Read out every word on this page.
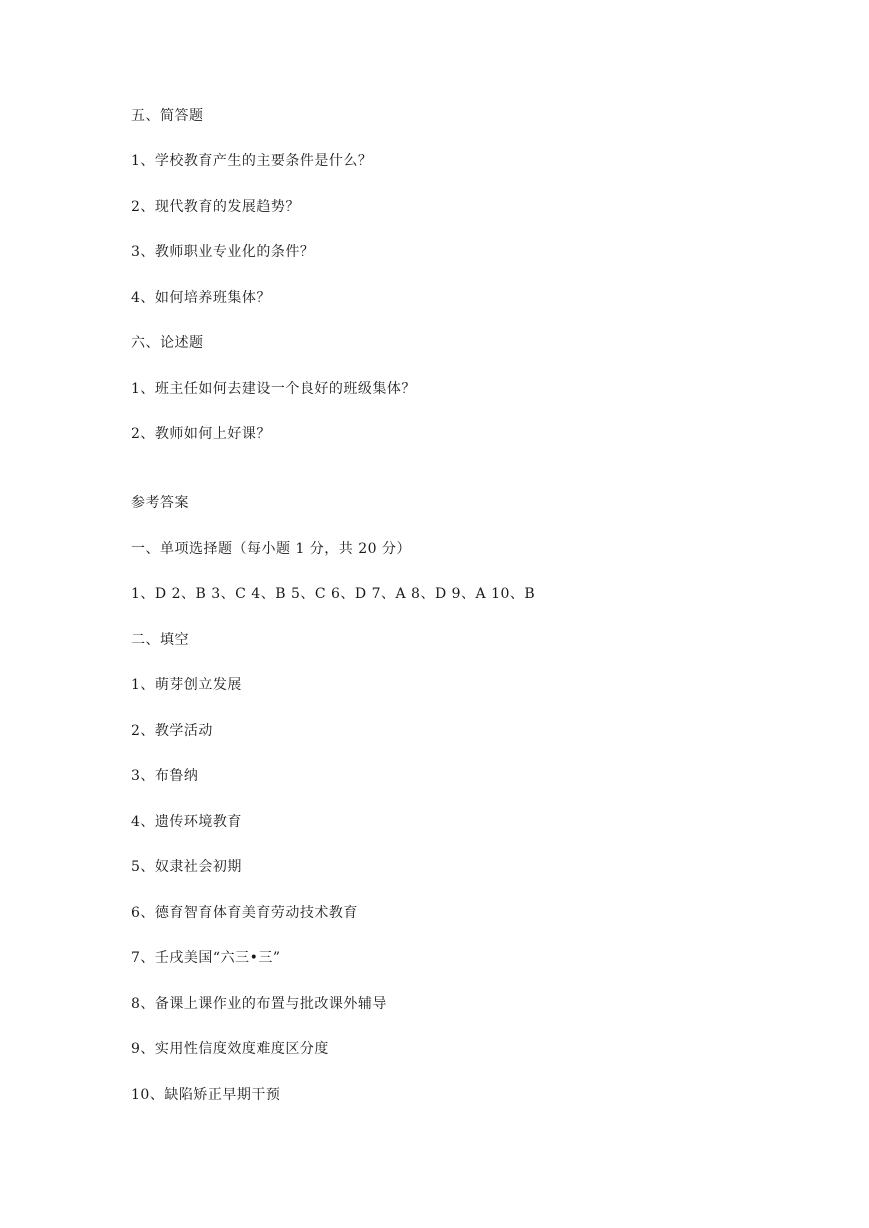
五、简答题
1、学校教育产生的主要条件是什么？
2、现代教育的发展趋势？
3、教师职业专业化的条件？
4、如何培养班集体？
六、论述题
1、班主任如何去建设一个良好的班级集体？
2、教师如何上好课？
参考答案
一、单项选择题（每小题 1 分，共 20 分）
1、D 2、B 3、C 4、B 5、C 6、D 7、A 8、D 9、A 10、B
二、填空
1、萌芽创立发展
2、教学活动
3、布鲁纳
4、遗传环境教育
5、奴隶社会初期
6、德育智育体育美育劳动技术教育
7、壬戌美国“六三•三”
8、备课上课作业的布置与批改课外辅导
9、实用性信度效度难度区分度
10、缺陷矫正早期干预
